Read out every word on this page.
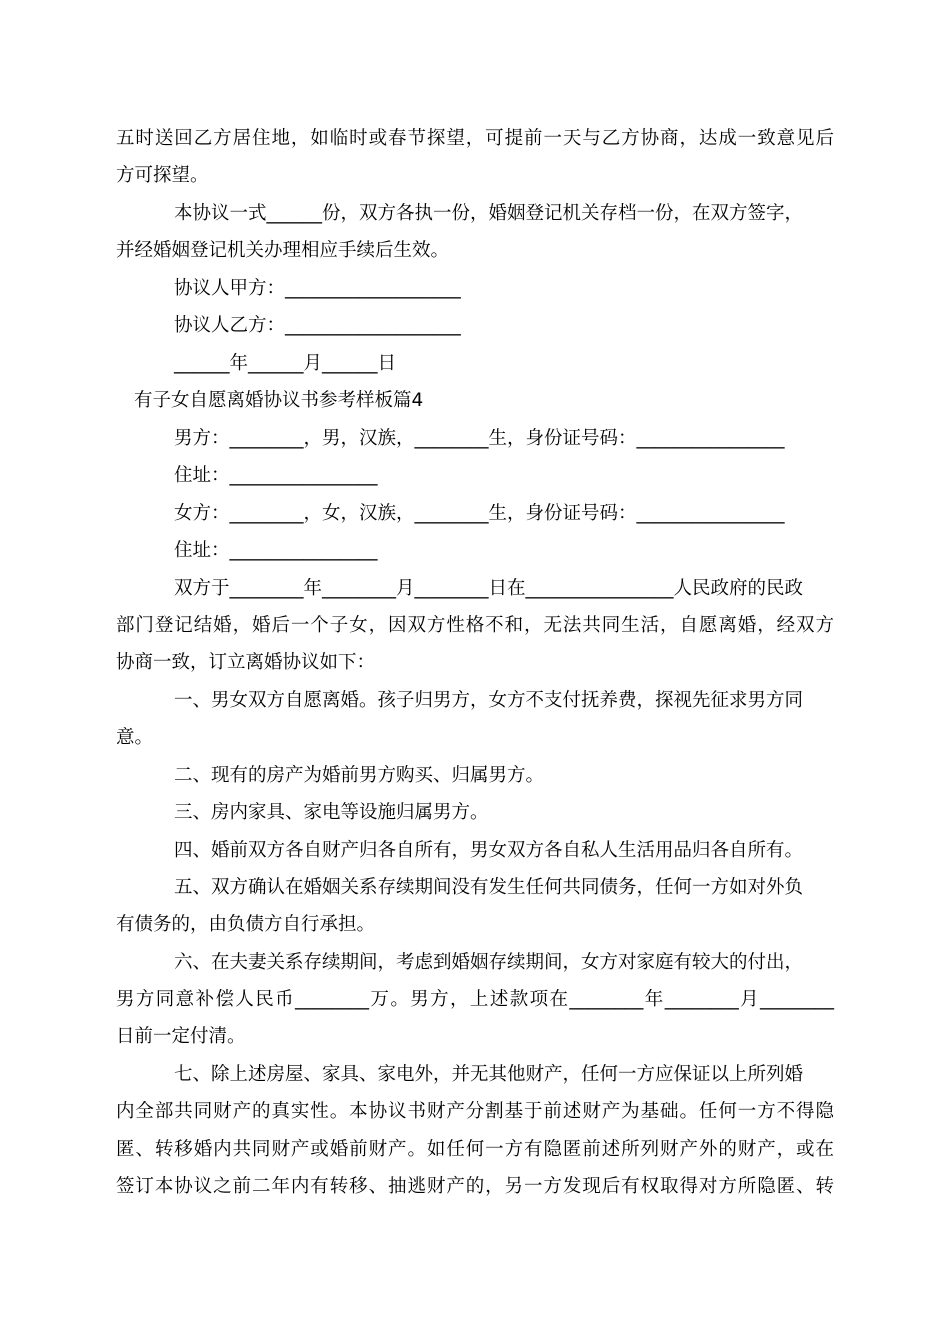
五时送回乙方居住地，如临时或春节探望，可提前一天与乙方协商，达成一致意见后

方可探望。

本协议一式______份，双方各执一份，婚姻登记机关存档一份，在双方签字，

并经婚姻登记机关办理相应手续后生效。

协议人甲方：___________________

协议人乙方：___________________

______年______月______日

有子女自愿离婚协议书参考样板篇4

男方：________，男，汉族，________生，身份证号码：________________

住址：________________

女方：________，女，汉族，________生，身份证号码：________________

住址：________________

双方于________年________月________日在________________人民政府的民政

部门登记结婚，婚后一个子女，因双方性格不和，无法共同生活，自愿离婚，经双方

协商一致，订立离婚协议如下：

一、男女双方自愿离婚。孩子归男方，女方不支付抚养费，探视先征求男方同

意。

二、现有的房产为婚前男方购买、归属男方。

三、房内家具、家电等设施归属男方。

四、婚前双方各自财产归各自所有，男女双方各自私人生活用品归各自所有。

五、双方确认在婚姻关系存续期间没有发生任何共同债务，任何一方如对外负

有债务的，由负债方自行承担。

六、在夫妻关系存续期间，考虑到婚姻存续期间，女方对家庭有较大的付出，

男方同意补偿人民币________万。男方，上述款项在________年________月________

日前一定付清。

七、除上述房屋、家具、家电外，并无其他财产，任何一方应保证以上所列婚

内全部共同财产的真实性。本协议书财产分割基于前述财产为基础。任何一方不得隐

匿、转移婚内共同财产或婚前财产。如任何一方有隐匿前述所列财产外的财产，或在

签订本协议之前二年内有转移、抽逃财产的，另一方发现后有权取得对方所隐匿、转
